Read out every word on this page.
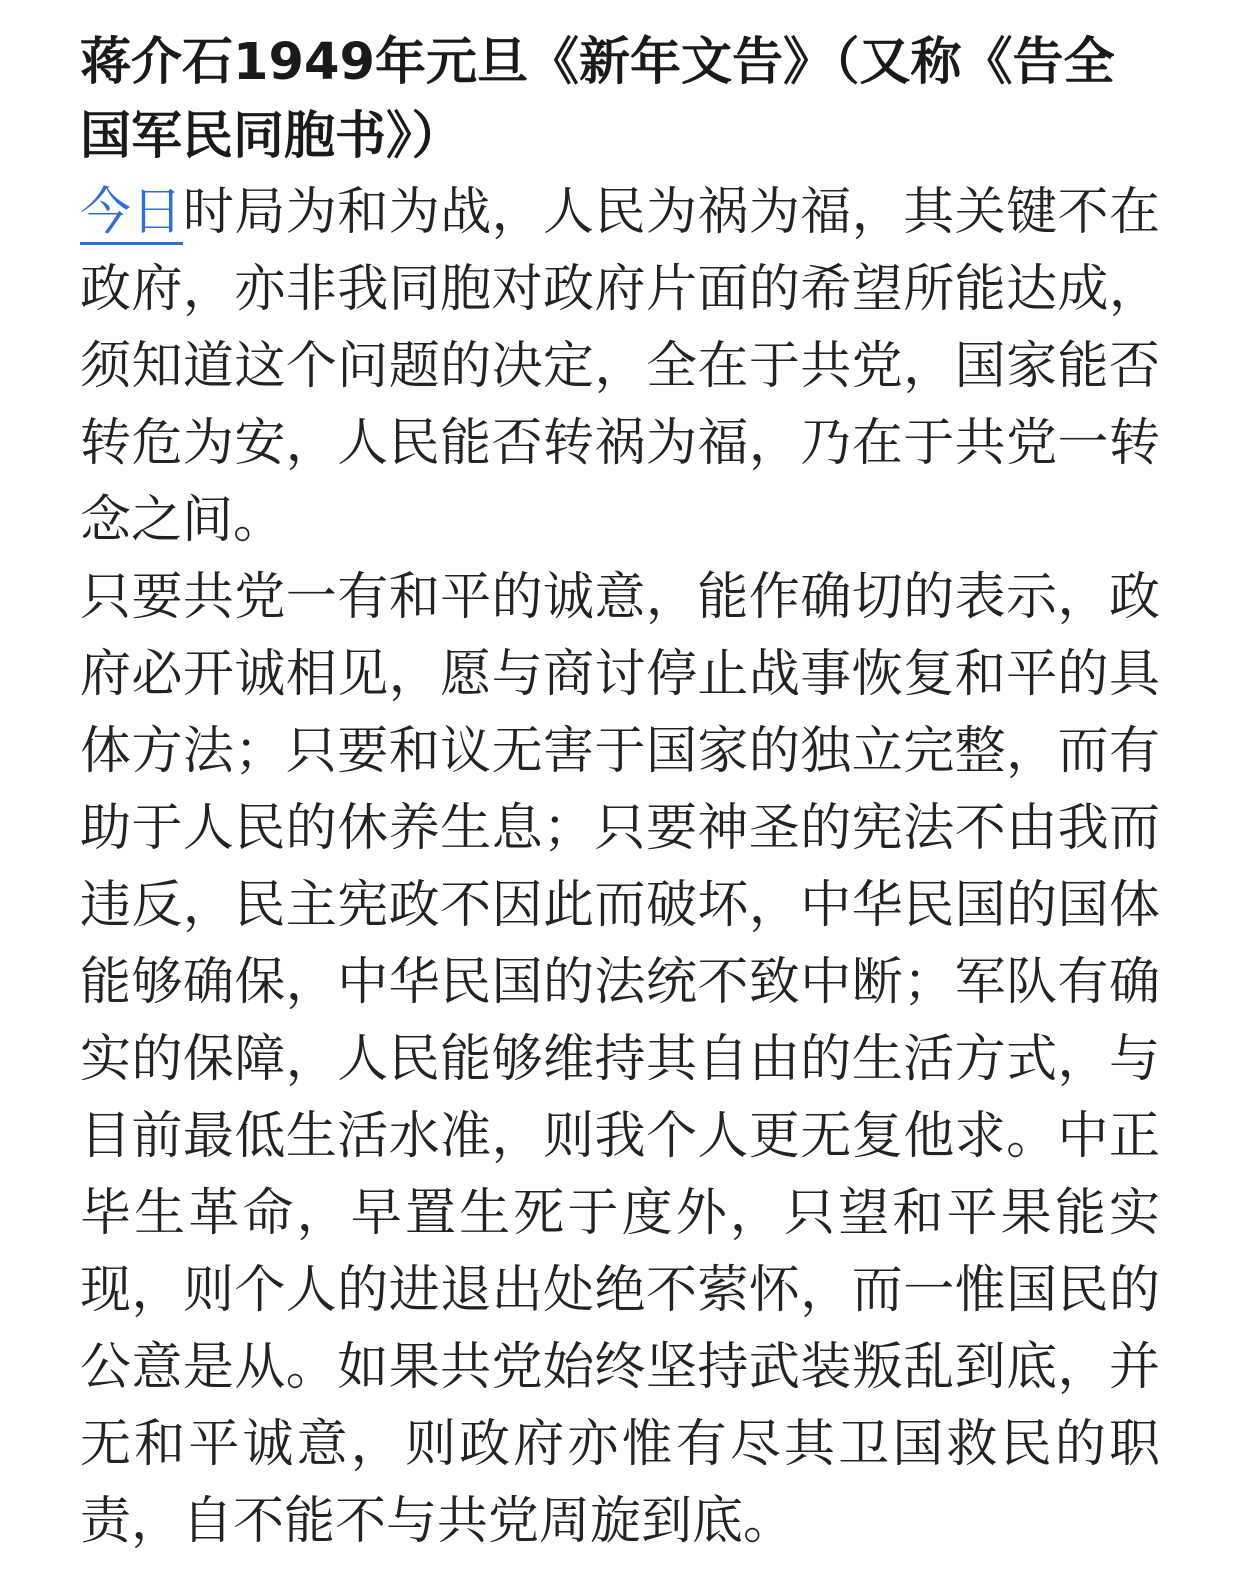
蒋介石1949年元旦《新年文告》（又称《告全国军民同胞书》）

今日时局为和为战，人民为祸为福，其关键不在政府，亦非我同胞对政府片面的希望所能达成，须知道这个问题的决定，全在于共党，国家能否转危为安，人民能否转祸为福，乃在于共党一转念之间。

只要共党一有和平的诚意，能作确切的表示，政府必开诚相见，愿与商讨停止战事恢复和平的具体方法；只要和议无害于国家的独立完整，而有助于人民的休养生息；只要神圣的宪法不由我而违反，民主宪政不因此而破坏，中华民国的国体能够确保，中华民国的法统不致中断；军队有确实的保障，人民能够维持其自由的生活方式，与目前最低生活水准，则我个人更无复他求。中正毕生革命，早置生死于度外，只望和平果能实现，则个人的进退出处绝不萦怀，而一惟国民的公意是从。如果共党始终坚持武装叛乱到底，并无和平诚意，则政府亦惟有尽其卫国救民的职责，自不能不与共党周旋到底。
